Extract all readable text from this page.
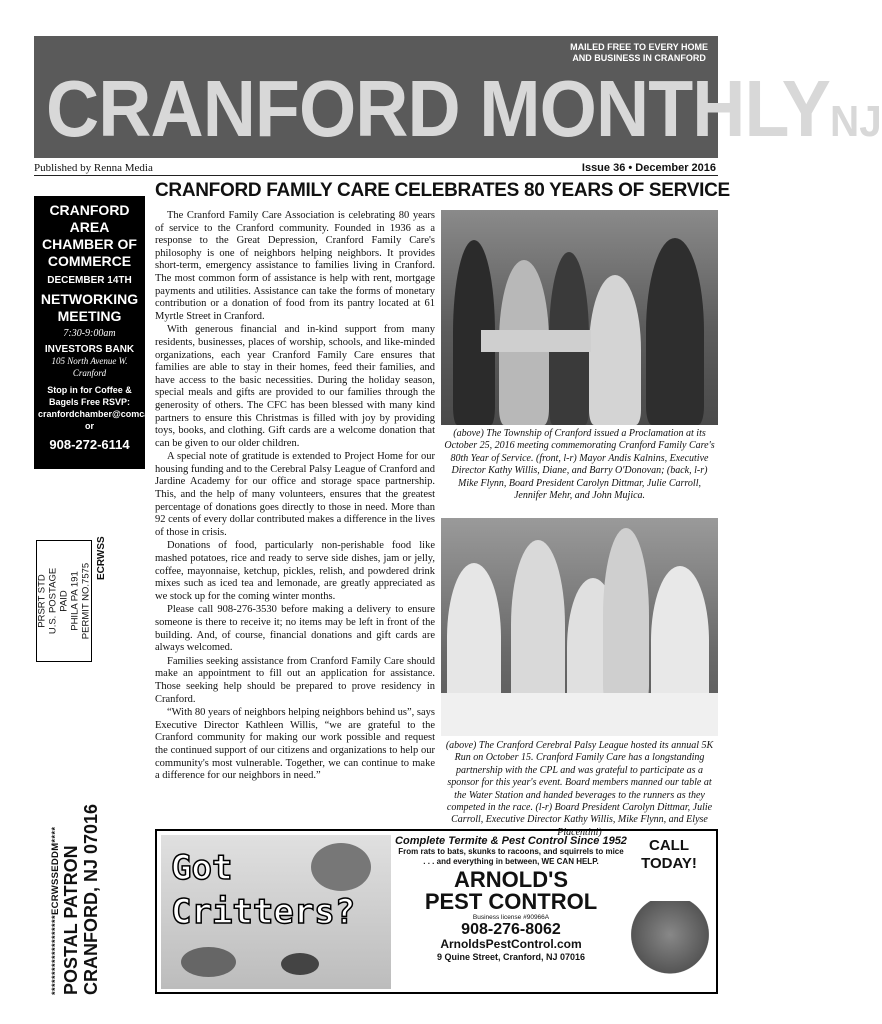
MAILED FREE TO EVERY HOME
AND BUSINESS IN CRANFORD
CRANFORD MONTHLYNJ
Published by Renna Media	Issue 36 • December 2016
CRANFORD
AREA
CHAMBER OF
COMMERCE
DECEMBER 14TH
NETWORKING
MEETING
7:30-9:00am
INVESTORS BANK
105 North Avenue W.
Cranford
Stop in for Coffee & Bagels Free RSVP: cranfordchamber@comcast.net or
908-272-6114
PRSRT STD U.S. POSTAGE PAID PHILA PA 191 PERMIT NO.7575
ECRWSS
********************ECRWSSEDDM**** POSTAL PATRON CRANFORD, NJ 07016
CRANFORD FAMILY CARE CELEBRATES 80 YEARS OF SERVICE

The Cranford Family Care Association is celebrating 80 years of service to the Cranford community. Founded in 1936 as a response to the Great Depression, Cranford Family Care's philosophy is one of neighbors helping neighbors. It provides short-term, emergency assistance to families living in Cranford. The most common form of assistance is help with rent, mortgage payments and utilities. Assistance can take the forms of monetary contribution or a donation of food from its pantry located at 61 Myrtle Street in Cranford.

With generous financial and in-kind support from many residents, businesses, places of worship, schools, and like-minded organizations, each year Cranford Family Care ensures that families are able to stay in their homes, feed their families, and have access to the basic necessities. During the holiday season, special meals and gifts are provided to our families through the generosity of others. The CFC has been blessed with many kind partners to ensure this Christmas is filled with joy by providing toys, books, and clothing. Gift cards are a welcome donation that can be given to our older children.

A special note of gratitude is extended to Project Home for our housing funding and to the Cerebral Palsy League of Cranford and Jardine Academy for our office and storage space partnership. This, and the help of many volunteers, ensures that the greatest percentage of donations goes directly to those in need. More than 92 cents of every dollar contributed makes a difference in the lives of those in crisis.

Donations of food, particularly non-perishable food like mashed potatoes, rice and ready to serve side dishes, jam or jelly, coffee, mayonnaise, ketchup, pickles, relish, and powdered drink mixes such as iced tea and lemonade, are greatly appreciated as we stock up for the coming winter months.

Please call 908-276-3530 before making a delivery to ensure someone is there to receive it; no items may be left in front of the building. And, of course, financial donations and gift cards are always welcomed.

Families seeking assistance from Cranford Family Care should make an appointment to fill out an application for assistance. Those seeking help should be prepared to prove residency in Cranford.

“With 80 years of neighbors helping neighbors behind us”, says Executive Director Kathleen Willis, “we are grateful to the Cranford community for making our work possible and request the continued support of our citizens and organizations to help our community's most vulnerable. Together, we can continue to make a difference for our neighbors in need.”

(above) The Township of Cranford issued a Proclamation at its October 25, 2016 meeting commemorating Cranford Family Care's 80th Year of Service. (front, l-r) Mayor Andis Kalnins, Executive Director Kathy Willis, Diane, and Barry O'Donovan; (back, l-r) Mike Flynn, Board President Carolyn Dittmar, Julie Carroll, Jennifer Mehr, and John Mujica.
(above) The Cranford Cerebral Palsy League hosted its annual 5K Run on October 15. Cranford Family Care has a longstanding partnership with the CPL and was grateful to participate as a sponsor for this year's event. Board members manned our table at the Water Station and handed beverages to the runners as they competed in the race. (l-r) Board President Carolyn Dittmar, Julie Carroll, Executive Director Kathy Willis, Mike Flynn, and Elyse Piacentini)
Got
Critters?
Complete Termite & Pest Control Since 1952
From rats to bats, skunks to racoons, and squirrels to mice
. . . and everything in between, WE CAN HELP.
ARNOLD'S
PEST CONTROL
Business license #90966A
908-276-8062
ArnoldsPestControl.com
9 Quine Street, Cranford, NJ 07016
CALL
TODAY!
